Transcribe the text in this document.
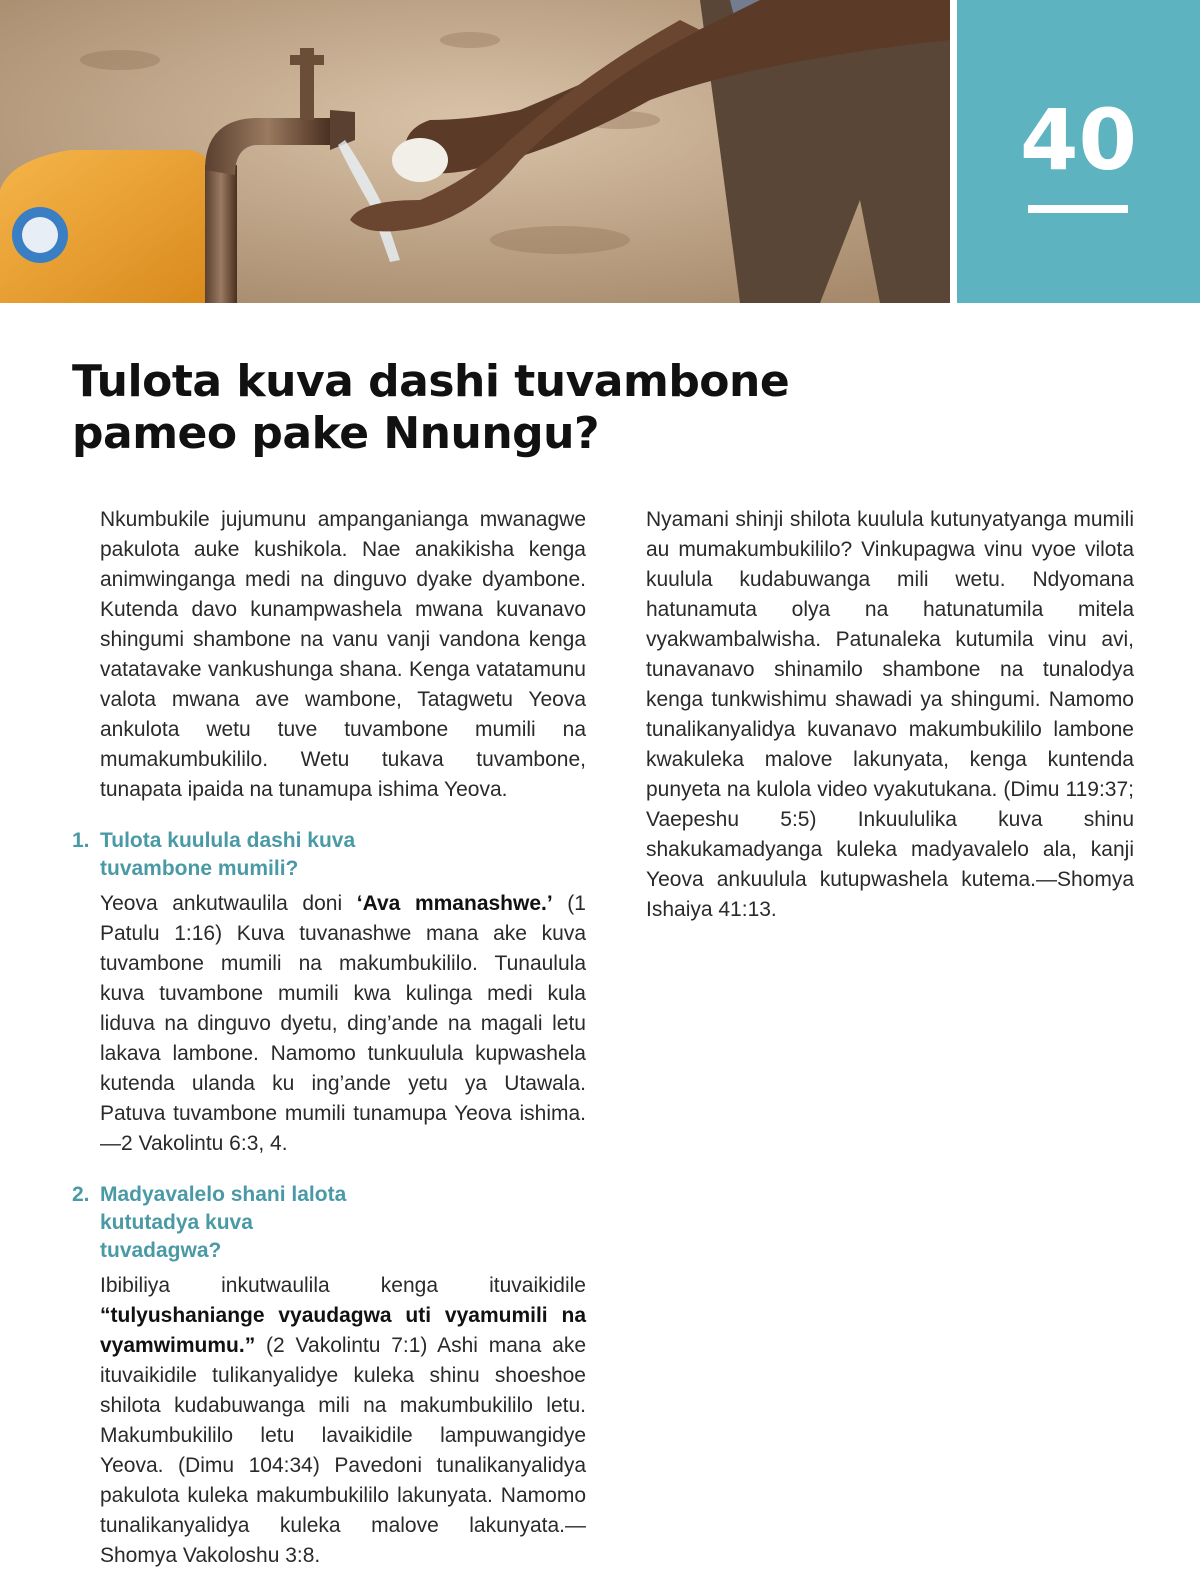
40
Tulota kuva dashi tuvambone pameo pake Nnungu?

Nkumbukile jujumunu ampanganianga mwanagwe pakulota auke kushikola. Nae anakikisha kenga animwinganga medi na dinguvo dyake dyambone. Kutenda davo kunampwashela mwana kuvanavo shingumi shambone na vanu vanji vandona kenga vatatavake vankushunga shana. Kenga vatatamunu valota mwana ave wambone, Tatagwetu Yeova ankulota wetu tuve tuvambone mumili na mumakumbukililo. Wetu tukava tuvambone, tunapata ipaida na tunamupa ishima Yeova.

1. Tulota kuulula dashi kuva tuvambone mumili?

Yeova ankutwaulila doni ‘Ava mmanashwe.’ (1 Patulu 1:16) Kuva tuvanashwe mana ake kuva tuvambone mumili na makumbukililo. Tunaulula kuva tuvambone mumili kwa kulinga medi kula liduva na dinguvo dyetu, ding’ande na magali letu lakava lambone. Namomo tunkuulula kupwashela kutenda ulanda ku ing’ande yetu ya Utawala. Patuva tuvambone mumili tunamupa Yeova ishima.—2 Vakolintu 6:3, 4.

2. Madyavalelo shani lalota kututadya kuva tuvadagwa?

Ibibiliya inkutwaulila kenga ituvaikidile “tulyushaniange vyaudagwa uti vyamumili na vyamwimumu.” (2 Vakolintu 7:1) Ashi mana ake ituvaikidile tulikanyalidye kuleka shinu shoeshoe shilota kudabuwanga mili na makumbukililo letu. Makumbukililo letu lavaikidile lampuwangidye Yeova. (Dimu 104:34) Pavedoni tunalikanyalidya pakulota kuleka makumbukililo lakunyata. Namomo tunalikanyalidya kuleka malove lakunyata.—Shomya Vakoloshu 3:8.

Nyamani shinji shilota kuulula kutunyatyanga mumili au mumakumbukililo? Vinkupagwa vinu vyoe vilota kuulula kudabuwanga mili wetu. Ndyomana hatunamuta olya na hatunatumila mitela vyakwambalwisha. Patunaleka kutumila vinu avi, tunavanavo shinamilo shambone na tunalodya kenga tunkwishimu shawadi ya shingumi. Namomo tunalikanyalidya kuvanavo makumbukililo lambone kwakuleka malove lakunyata, kenga kuntenda punyeta na kulola video vyakutukana. (Dimu 119:37; Vaepeshu 5:5) Inkuululika kuva shinu shakukamadyanga kuleka madyavalelo ala, kanji Yeova ankuulula kutupwashela kutema.—Shomya Ishaiya 41:13.
